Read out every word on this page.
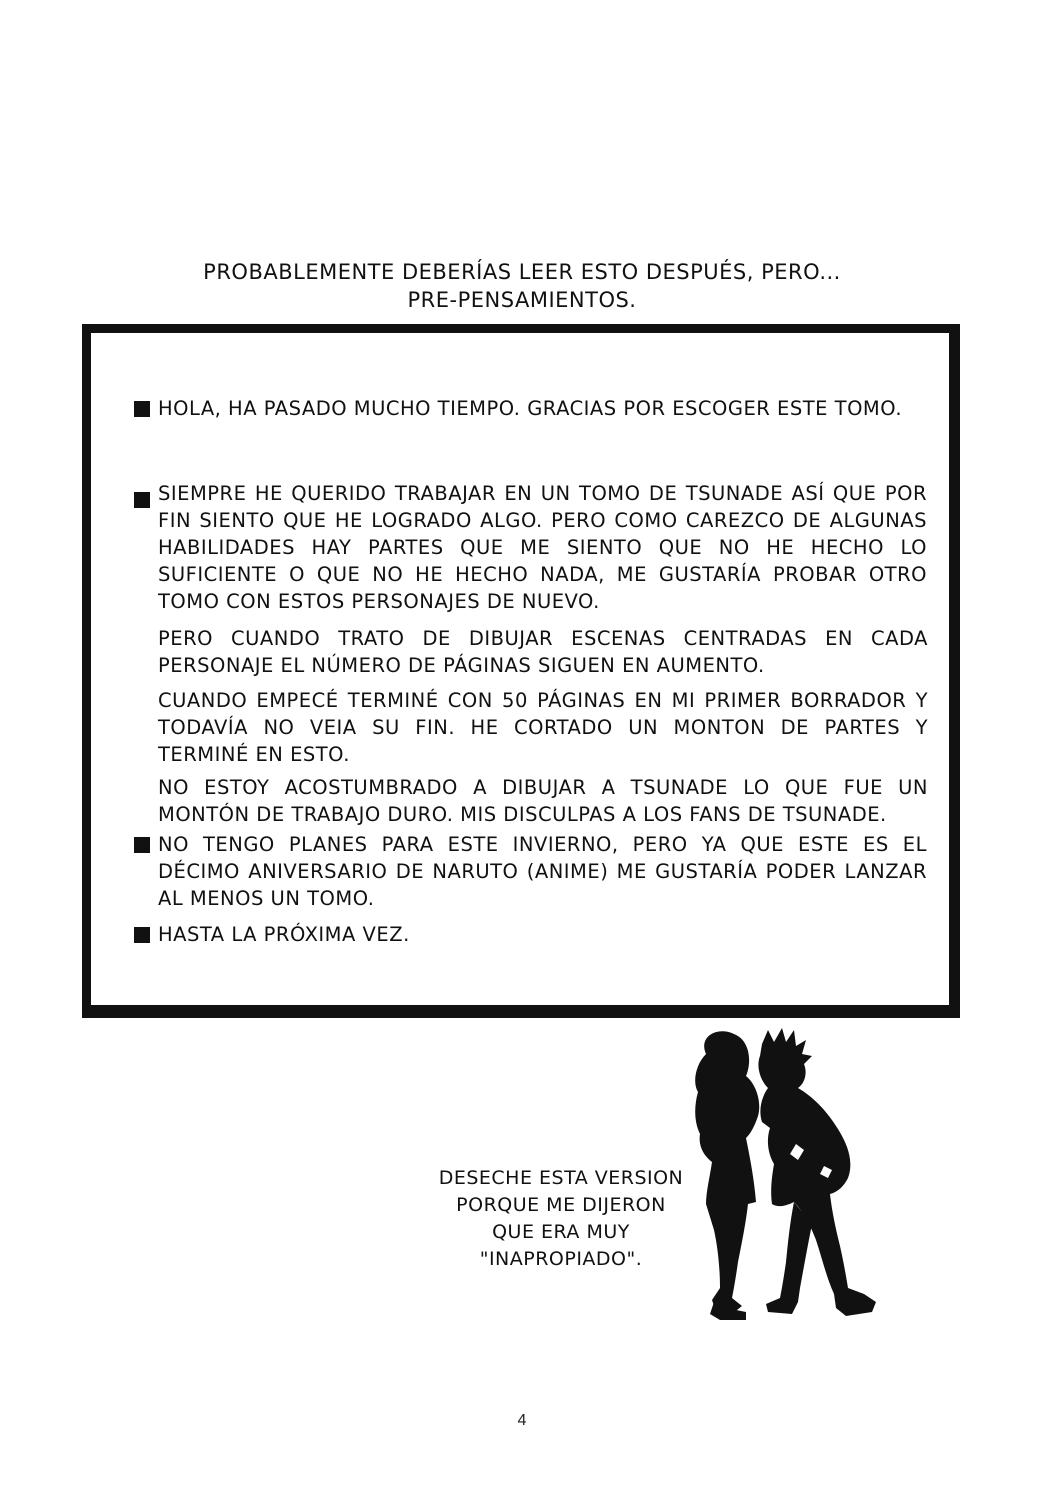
PROBABLEMENTE DEBERÍAS LEER ESTO DESPUÉS, PERO...
PRE-PENSAMIENTOS.
HOLA, HA PASADO MUCHO TIEMPO. GRACIAS POR ESCOGER ESTE TOMO.
SIEMPRE HE QUERIDO TRABAJAR EN UN TOMO DE TSUNADE ASÍ QUE POR FIN SIENTO QUE HE LOGRADO ALGO. PERO COMO CAREZCO DE ALGUNAS HABILIDADES HAY PARTES QUE ME SIENTO QUE NO HE HECHO LO SUFICIENTE O QUE NO HE HECHO NADA, ME GUSTARÍA PROBAR OTRO TOMO CON ESTOS PERSONAJES DE NUEVO.
PERO CUANDO TRATO DE DIBUJAR ESCENAS CENTRADAS EN CADA PERSONAJE EL NÚMERO DE PÁGINAS SIGUEN EN AUMENTO.
CUANDO EMPECÉ TERMINÉ CON 50 PÁGINAS EN MI PRIMER BORRADOR Y TODAVÍA NO VEIA SU FIN. HE CORTADO UN MONTON DE PARTES Y TERMINÉ EN ESTO.
NO ESTOY ACOSTUMBRADO A DIBUJAR A TSUNADE LO QUE FUE UN MONTÓN DE TRABAJO DURO. MIS DISCULPAS A LOS FANS DE TSUNADE.
NO TENGO PLANES PARA ESTE INVIERNO, PERO YA QUE ESTE ES EL DÉCIMO ANIVERSARIO DE NARUTO (ANIME) ME GUSTARÍA PODER LANZAR AL MENOS UN TOMO.
HASTA LA PRÓXIMA VEZ.
DESECHE ESTA VERSION
PORQUE ME DIJERON
QUE ERA MUY
"INAPROPIADO".
4
